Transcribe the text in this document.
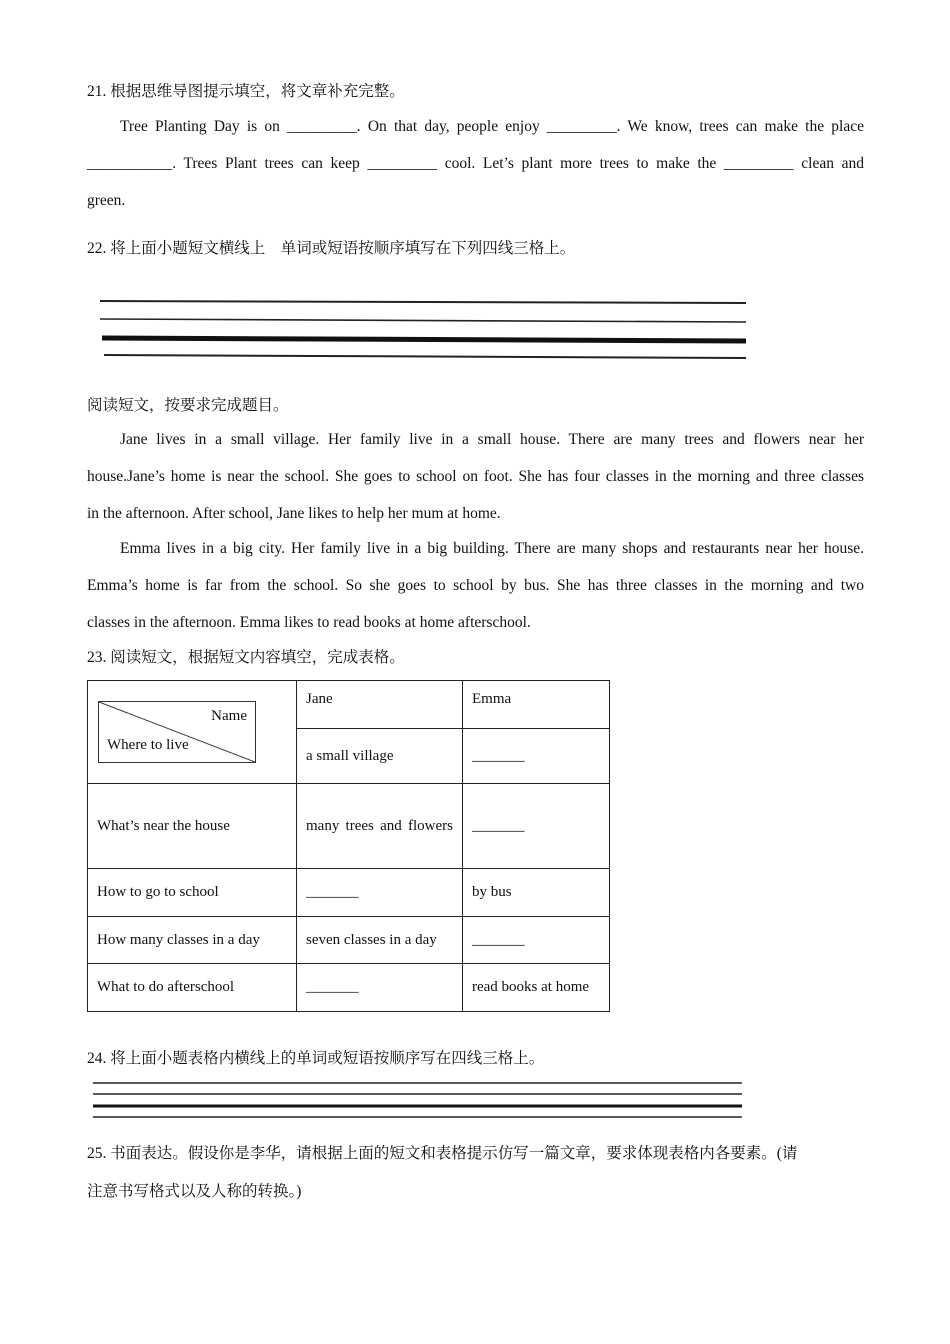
21. 根据思维导图提示填空，将文章补充完整。
Tree Planting Day is on _________. On that day, people enjoy _________. We know, trees can make the place
___________. Trees Plant trees can keep _________ cool. Let’s plant more trees to make the _________ clean and
green.
22. 将上面小题短文横线上　单词或短语按顺序填写在下列四线三格上。
阅读短文，按要求完成题目。
Jane lives in a small village. Her family live in a small house. There are many trees and flowers near her
house.Jane’s home is near the school. She goes to school on foot. She has four classes in the morning and three classes
in the afternoon. After school, Jane likes to help her mum at home.
Emma lives in a big city. Her family live in a big building. There are many shops and restaurants near her house.
Emma’s home is far from the school. So she goes to school by bus. She has three classes in the morning and two
classes in the afternoon. Emma likes to read books at home afterschool.
23. 阅读短文，根据短文内容填空，完成表格。
Name
Where to live	Jane	Emma
	a small village	_______
What’s near the house	many trees and flowers	_______
How to go to school	_______	by bus
How many classes in a day	seven classes in a day	_______
What to do afterschool	_______	read books at home
24. 将上面小题表格内横线上的单词或短语按顺序写在四线三格上。
25. 书面表达。假设你是李华，请根据上面的短文和表格提示仿写一篇文章，要求体现表格内各要素。(请
注意书写格式以及人称的转换。)
